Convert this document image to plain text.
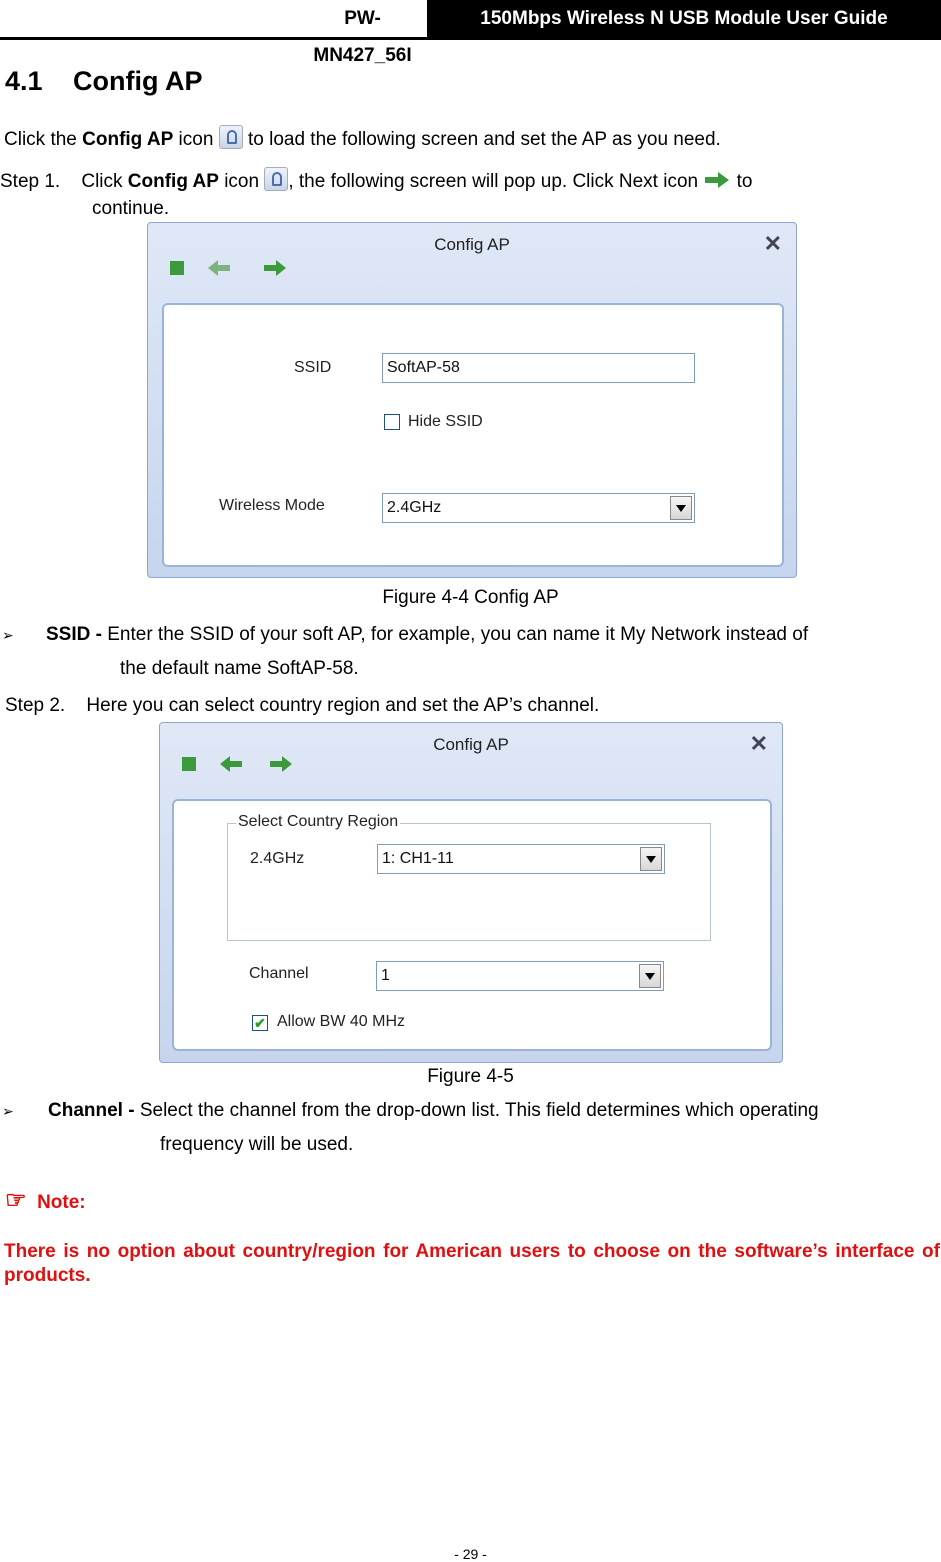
PW-MN427_56I
150Mbps Wireless N USB Module User Guide
4.1 Config AP
Click the Config AP icon  to load the following screen and set the AP as you need.
Step 1. Click Config AP icon , the following screen will pop up. Click Next icon  to
continue.
Config AP	✕
SSID	SoftAP-58
Hide SSID
Wireless Mode	2.4GHz
Figure 4-4 Config AP
➢ SSID - Enter the SSID of your soft AP, for example, you can name it My Network instead of
the default name SoftAP-58.
Step 2. Here you can select country region and set the AP’s channel.
Config AP	✕
Select Country Region
2.4GHz	1: CH1-11
Channel	1
✔ Allow BW 40 MHz
Figure 4-5
➢ Channel - Select the channel from the drop-down list. This field determines which operating
frequency will be used.
☞ Note:
There is no option about country/region for American users to choose on the software’s interface of products.
- 29 -
